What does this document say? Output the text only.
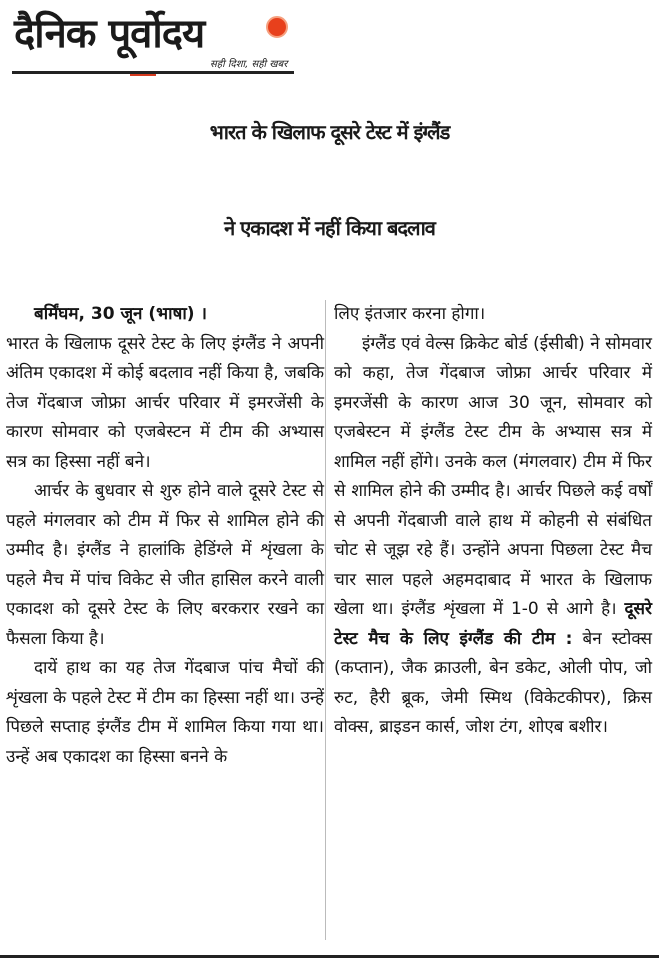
दैनिक पूर्वोदय
सही दिशा, सही खबर
भारत के खिलाफ दूसरे टेस्ट में इंग्लैंड
ने एकादश में नहीं किया बदलाव

बर्मिंघम, 30 जून (भाषा) ।

भारत के खिलाफ दूसरे टेस्ट के लिए इंग्लैंड ने अपनी अंतिम एकादश में कोई बदलाव नहीं किया है, जबकि तेज गेंदबाज जोफ्रा आर्चर परिवार में इमरजेंसी के कारण सोमवार को एजबेस्टन में टीम की अभ्यास सत्र का हिस्सा नहीं बने।

आर्चर के बुधवार से शुरु होने वाले दूसरे टेस्ट से पहले मंगलवार को टीम में फिर से शामिल होने की उम्मीद है। इंग्लैंड ने हालांकि हेडिंग्ले में शृंखला के पहले मैच में पांच विकेट से जीत हासिल करने वाली एकादश को दूसरे टेस्ट के लिए बरकरार रखने का फैसला किया है।

दायें हाथ का यह तेज गेंदबाज पांच मैचों की शृंखला के पहले टेस्ट में टीम का हिस्सा नहीं था। उन्हें पिछले सप्ताह इंग्लैंड टीम में शामिल किया गया था। उन्हें अब एकादश का हिस्सा बनने के

लिए इंतजार करना होगा।

इंग्लैंड एवं वेल्स क्रिकेट बोर्ड (ईसीबी) ने सोमवार को कहा, तेज गेंदबाज जोफ्रा आर्चर परिवार में इमरजेंसी के कारण आज 30 जून, सोमवार को एजबेस्टन में इंग्लैंड टेस्ट टीम के अभ्यास सत्र में शामिल नहीं होंगे। उनके कल (मंगलवार) टीम में फिर से शामिल होने की उम्मीद है। आर्चर पिछले कई वर्षों से अपनी गेंदबाजी वाले हाथ में कोहनी से संबंधित चोट से जूझ रहे हैं। उन्होंने अपना पिछला टेस्ट मैच चार साल पहले अहमदाबाद में भारत के खिलाफ खेला था। इंग्लैंड शृंखला में 1-0 से आगे है। दूसरे टेस्ट मैच के लिए इंग्लैंड की टीम : बेन स्टोक्स (कप्तान), जैक क्राउली, बेन डकेट, ओली पोप, जो रुट, हैरी ब्रूक, जेमी स्मिथ (विकेटकीपर), क्रिस वोक्स, ब्राइडन कार्स, जोश टंग, शोएब बशीर।
